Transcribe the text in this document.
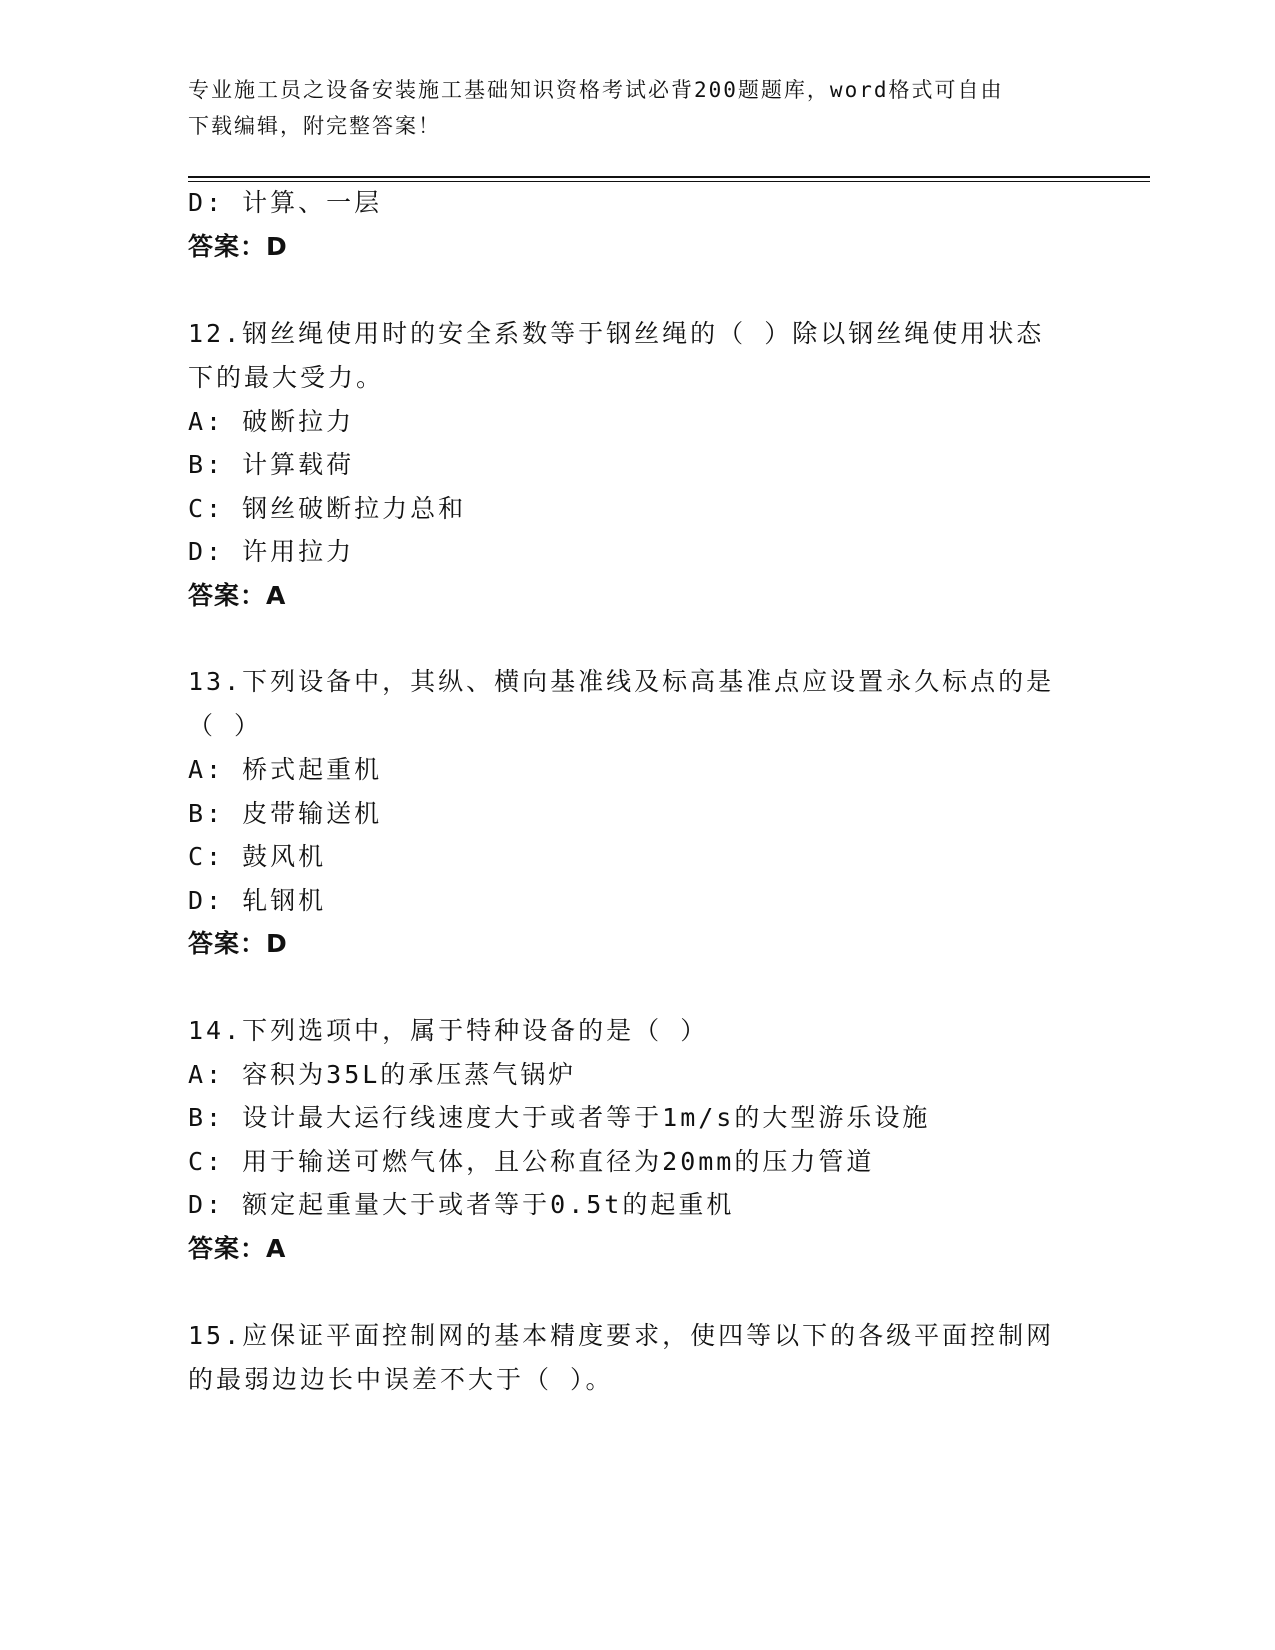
专业施工员之设备安装施工基础知识资格考试必背200题题库，word格式可自由
下载编辑，附完整答案！
D: 计算、一层
答案：D
12.钢丝绳使用时的安全系数等于钢丝绳的（ ）除以钢丝绳使用状态
下的最大受力。
A: 破断拉力
B: 计算载荷
C: 钢丝破断拉力总和
D: 许用拉力
答案：A
13.下列设备中，其纵、横向基准线及标高基准点应设置永久标点的是
（ ）
A: 桥式起重机
B: 皮带输送机
C: 鼓风机
D: 轧钢机
答案：D
14.下列选项中，属于特种设备的是（ ）
A: 容积为35L的承压蒸气锅炉
B: 设计最大运行线速度大于或者等于1m/s的大型游乐设施
C: 用于输送可燃气体，且公称直径为20mm的压力管道
D: 额定起重量大于或者等于0.5t的起重机
答案：A
15.应保证平面控制网的基本精度要求，使四等以下的各级平面控制网
的最弱边边长中误差不大于（ ）。
